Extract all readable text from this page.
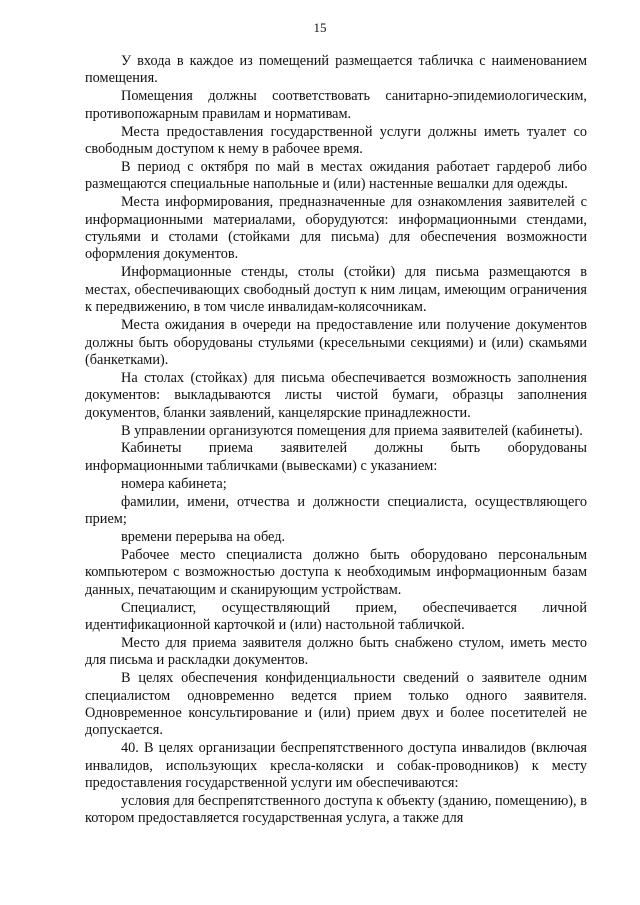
15

У входа в каждое из помещений размещается табличка с наименованием помещения.

Помещения должны соответствовать санитарно-эпидемиологическим, противопожарным правилам и нормативам.

Места предоставления государственной услуги должны иметь туалет со свободным доступом к нему в рабочее время.

В период с октября по май в местах ожидания работает гардероб либо размещаются специальные напольные и (или) настенные вешалки для одежды.

Места информирования, предназначенные для ознакомления заявителей с информационными материалами, оборудуются: информационными стендами, стульями и столами (стойками для письма) для обеспечения возможности оформления документов.

Информационные стенды, столы (стойки) для письма размещаются в местах, обеспечивающих свободный доступ к ним лицам, имеющим ограничения к передвижению, в том числе инвалидам-колясочникам.

Места ожидания в очереди на предоставление или получение документов должны быть оборудованы стульями (кресельными секциями) и (или) скамьями (банкетками).

На столах (стойках) для письма обеспечивается возможность заполнения документов: выкладываются листы чистой бумаги, образцы заполнения документов, бланки заявлений, канцелярские принадлежности.

В управлении организуются помещения для приема заявителей (кабинеты).

Кабинеты приема заявителей должны быть оборудованы информационными табличками (вывесками) с указанием:

номера кабинета;

фамилии, имени, отчества и должности специалиста, осуществляющего прием;

времени перерыва на обед.

Рабочее место специалиста должно быть оборудовано персональным компьютером с возможностью доступа к необходимым информационным базам данных, печатающим и сканирующим устройствам.

Специалист, осуществляющий прием, обеспечивается личной идентификационной карточкой и (или) настольной табличкой.

Место для приема заявителя должно быть снабжено стулом, иметь место для письма и раскладки документов.

В целях обеспечения конфиденциальности сведений о заявителе одним специалистом одновременно ведется прием только одного заявителя. Одновременное консультирование и (или) прием двух и более посетителей не допускается.

40. В целях организации беспрепятственного доступа инвалидов (включая инвалидов, использующих кресла-коляски и собак-проводников) к месту предоставления государственной услуги им обеспечиваются:

условия для беспрепятственного доступа к объекту (зданию, помещению), в котором предоставляется государственная услуга, а также для
